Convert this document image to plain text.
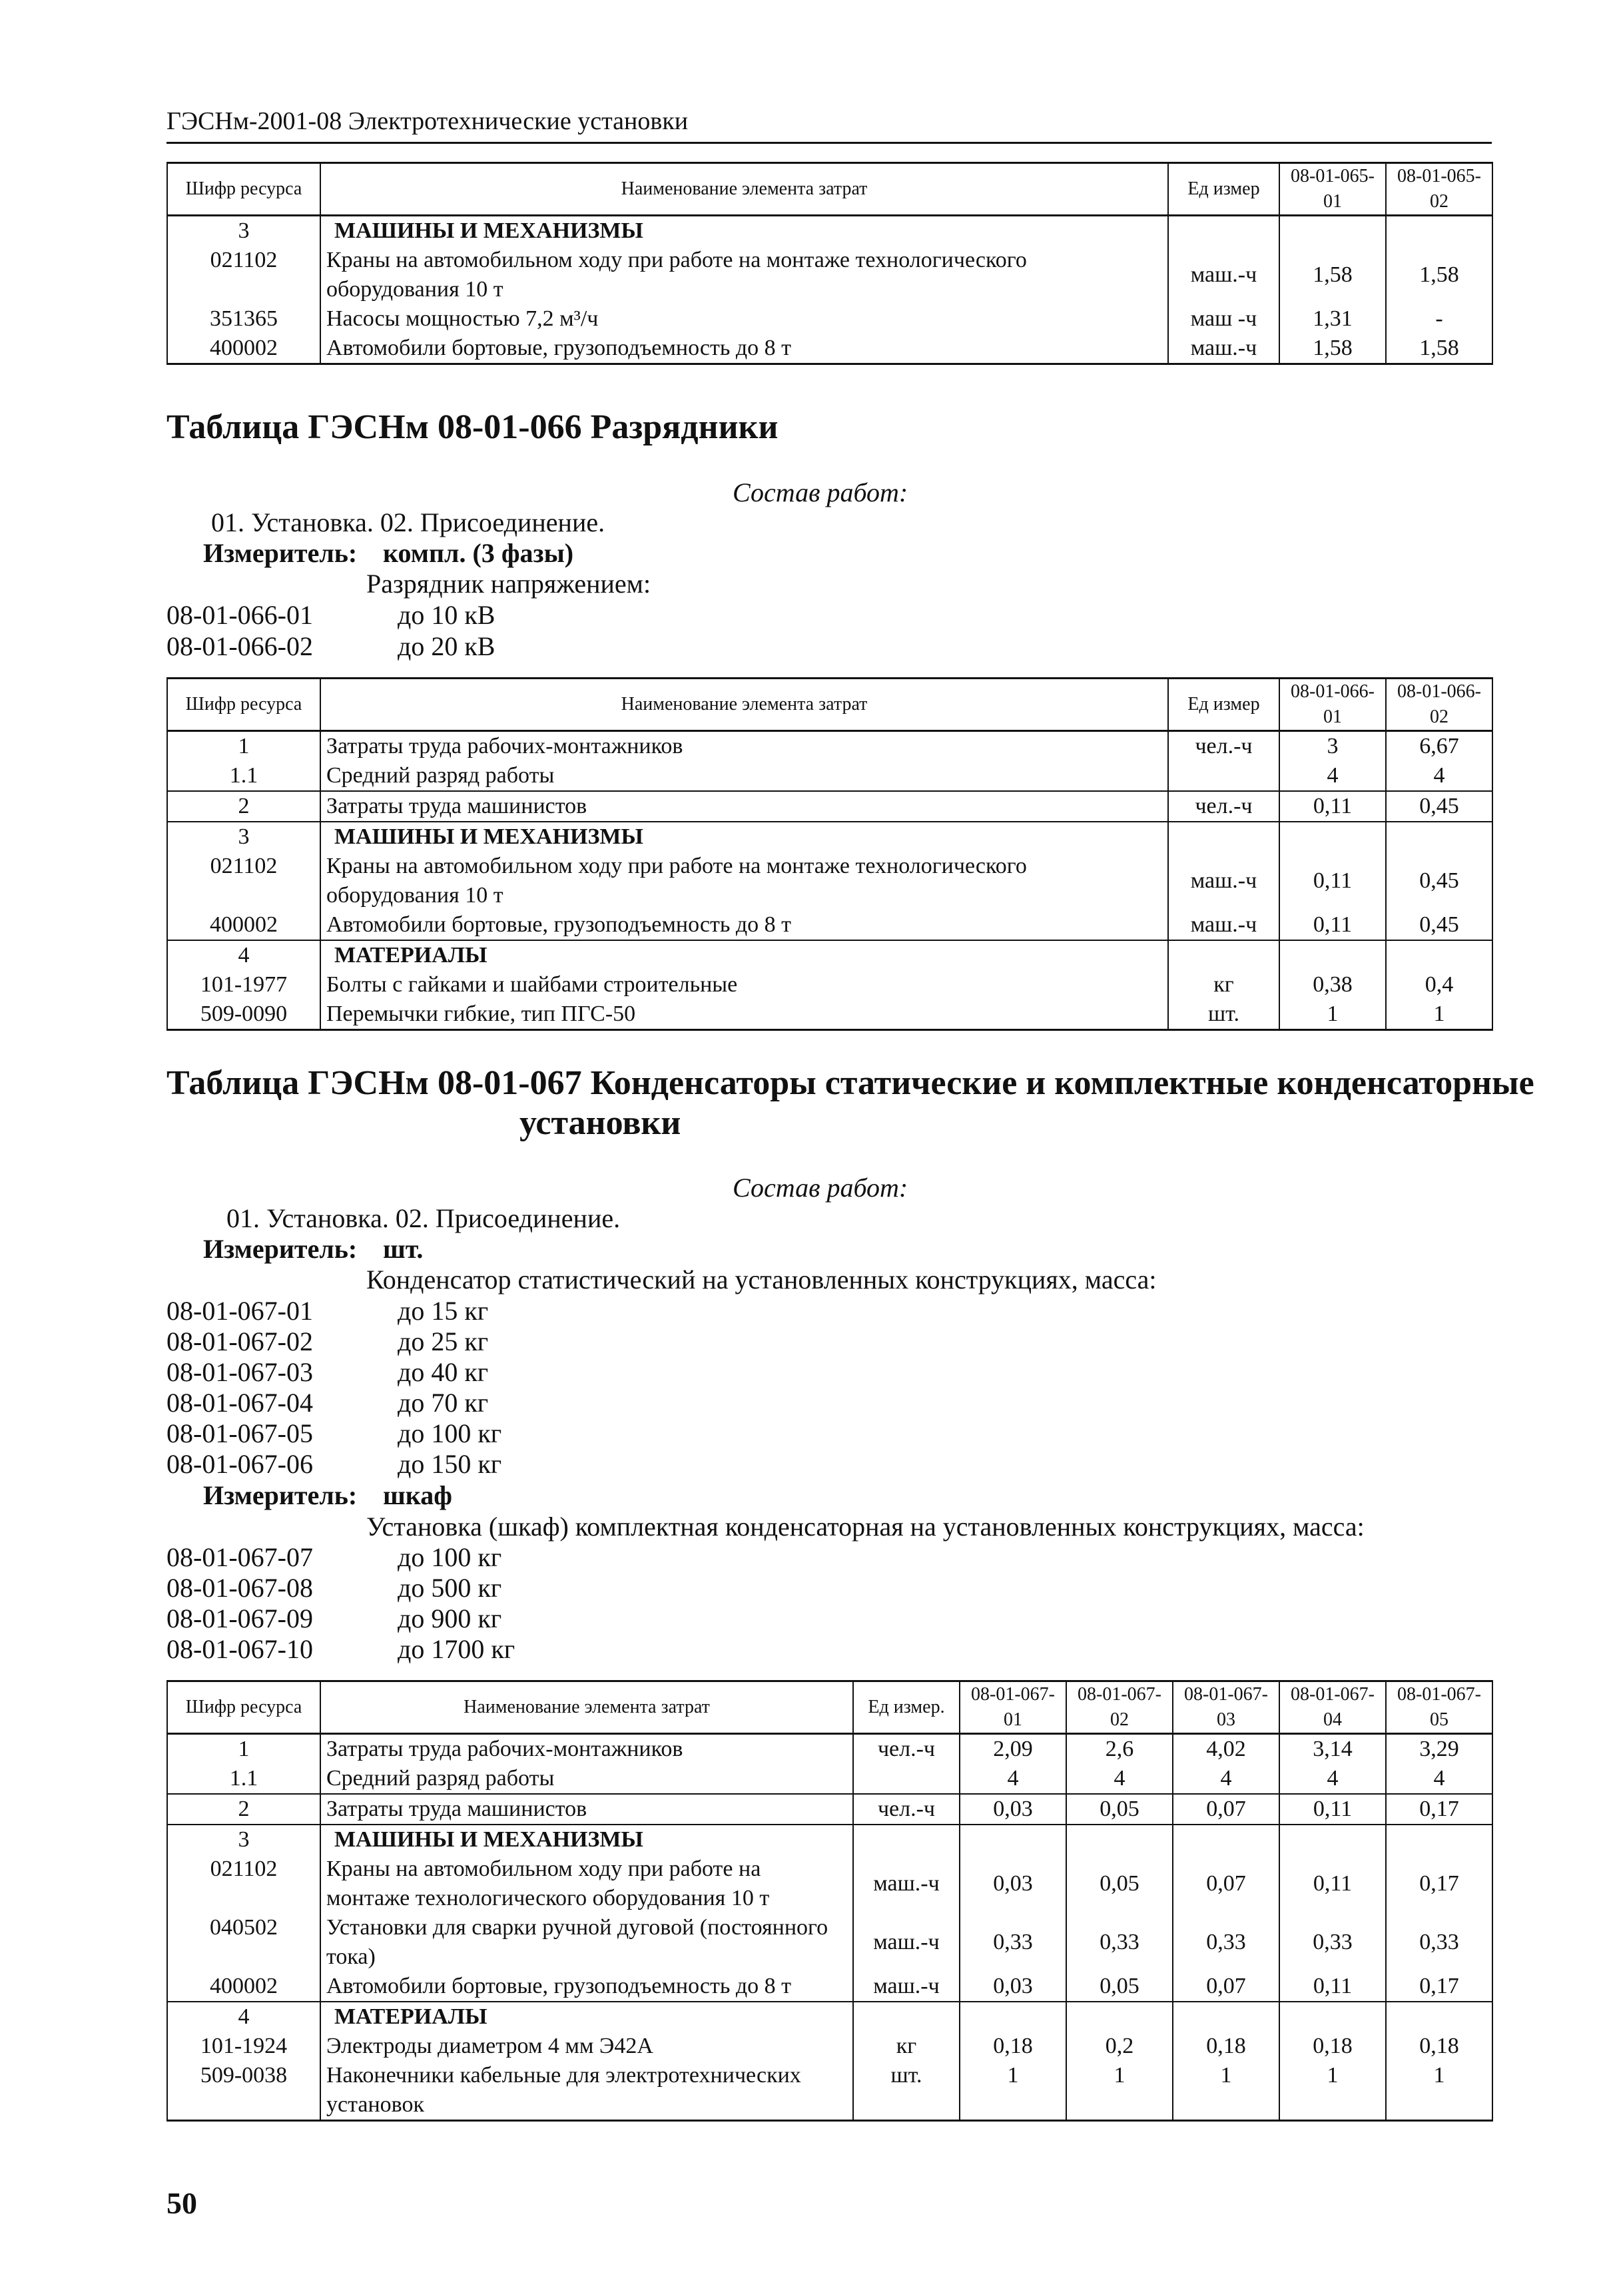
ГЭСНм-2001-08 Электротехнические установки
Шифр ресурса	Наименование элемента затрат	Ед измер	08-01-065-01	08-01-065-02
3	МАШИНЫ И МЕХАНИЗМЫ			
021102	Краны на автомобильном ходу при работе на монтаже технологического оборудования 10 т	маш.-ч	1,58	1,58
351365	Насосы мощностью 7,2 м³/ч	маш -ч	1,31	-
400002	Автомобили бортовые, грузоподъемность до 8 т	маш.-ч	1,58	1,58
Таблица ГЭСНм 08-01-066 Разрядники
Состав работ:
01. Установка. 02. Присоединение.
Измеритель: компл. (3 фазы)
Разрядник напряжением:
08-01-066-01	до 10 кВ
08-01-066-02	до 20 кВ
Шифр ресурса	Наименование элемента затрат	Ед измер	08-01-066-01	08-01-066-02
1	Затраты труда рабочих-монтажников	чел.-ч	3	6,67
1.1	Средний разряд работы		4	4
2	Затраты труда машинистов	чел.-ч	0,11	0,45
3	МАШИНЫ И МЕХАНИЗМЫ			
021102	Краны на автомобильном ходу при работе на монтаже технологического оборудования 10 т	маш.-ч	0,11	0,45
400002	Автомобили бортовые, грузоподъемность до 8 т	маш.-ч	0,11	0,45
4	МАТЕРИАЛЫ			
101-1977	Болты с гайками и шайбами строительные	кг	0,38	0,4
509-0090	Перемычки гибкие, тип ПГС-50	шт.	1	1
Таблица ГЭСНм 08-01-067 Конденсаторы статические и комплектные конденсаторные
установки
Состав работ:
01. Установка. 02. Присоединение.
Измеритель: шт.
Конденсатор статистический на установленных конструкциях, масса:
08-01-067-01	до 15 кг
08-01-067-02	до 25 кг
08-01-067-03	до 40 кг
08-01-067-04	до 70 кг
08-01-067-05	до 100 кг
08-01-067-06	до 150 кг
Измеритель: шкаф
Установка (шкаф) комплектная конденсаторная на установленных конструкциях, масса:
08-01-067-07	до 100 кг
08-01-067-08	до 500 кг
08-01-067-09	до 900 кг
08-01-067-10	до 1700 кг
Шифр ресурса	Наименование элемента затрат	Ед измер.	08-01-067-01	08-01-067-02	08-01-067-03	08-01-067-04	08-01-067-05
1	Затраты труда рабочих-монтажников	чел.-ч	2,09	2,6	4,02	3,14	3,29
1.1	Средний разряд работы		4	4	4	4	4
2	Затраты труда машинистов	чел.-ч	0,03	0,05	0,07	0,11	0,17
3	МАШИНЫ И МЕХАНИЗМЫ						
021102	Краны на автомобильном ходу при работе на монтаже технологического оборудования 10 т	маш.-ч	0,03	0,05	0,07	0,11	0,17
040502	Установки для сварки ручной дуговой (постоянного тока)	маш.-ч	0,33	0,33	0,33	0,33	0,33
400002	Автомобили бортовые, грузоподъемность до 8 т	маш.-ч	0,03	0,05	0,07	0,11	0,17
4	МАТЕРИАЛЫ						
101-1924	Электроды диаметром 4 мм Э42А	кг	0,18	0,2	0,18	0,18	0,18
509-0038	Наконечники кабельные для электротехнических установок	шт.	1	1	1	1	1
50
